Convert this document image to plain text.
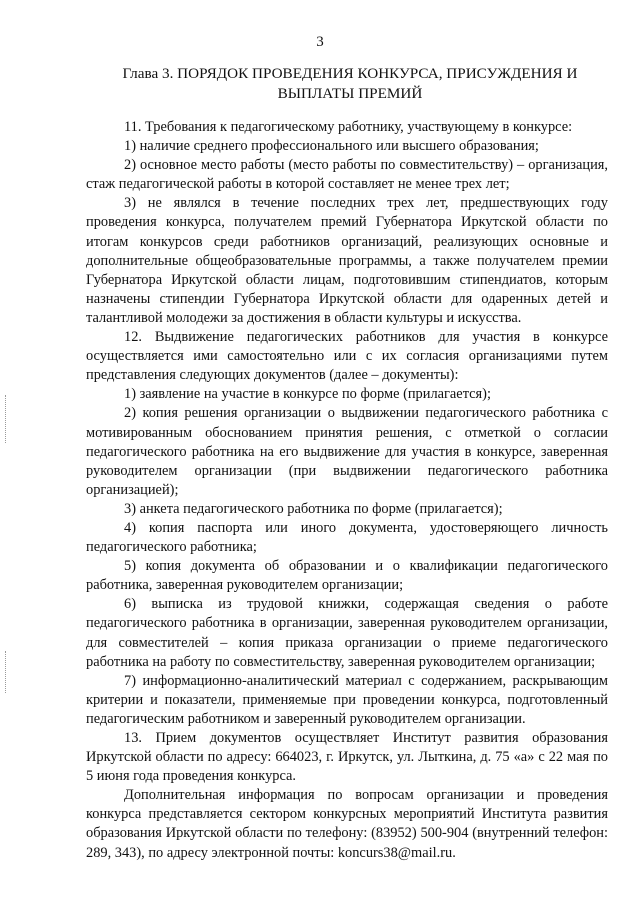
3
Глава 3. ПОРЯДОК ПРОВЕДЕНИЯ КОНКУРСА, ПРИСУЖДЕНИЯ И
ВЫПЛАТЫ ПРЕМИЙ

11. Требования к педагогическому работнику, участвующему в конкурсе:

1) наличие среднего профессионального или высшего образования;

2) основное место работы (место работы по совместительству) – организация, стаж педагогической работы в которой составляет не менее трех лет;

3) не являлся в течение последних трех лет, предшествующих году проведения конкурса, получателем премий Губернатора Иркутской области по итогам конкурсов среди работников организаций, реализующих основные и дополнительные общеобразовательные программы, а также получателем премии Губернатора Иркутской области лицам, подготовившим стипендиатов, которым назначены стипендии Губернатора Иркутской области для одаренных детей и талантливой молодежи за достижения в области культуры и искусства.

12. Выдвижение педагогических работников для участия в конкурсе осуществляется ими самостоятельно или с их согласия организациями путем представления следующих документов (далее – документы):

1) заявление на участие в конкурсе по форме (прилагается);

2) копия решения организации о выдвижении педагогического работника с мотивированным обоснованием принятия решения, с отметкой о согласии педагогического работника на его выдвижение для участия в конкурсе, заверенная руководителем организации (при выдвижении педагогического работника организацией);

3) анкета педагогического работника по форме (прилагается);

4) копия паспорта или иного документа, удостоверяющего личность педагогического работника;

5) копия документа об образовании и о квалификации педагогического работника, заверенная руководителем организации;

6) выписка из трудовой книжки, содержащая сведения о работе педагогического работника в организации, заверенная руководителем организации, для совместителей – копия приказа организации о приеме педагогического работника на работу по совместительству, заверенная руководителем организации;

7) информационно-аналитический материал с содержанием, раскрывающим критерии и показатели, применяемые при проведении конкурса, подготовленный педагогическим работником и заверенный руководителем организации.

13. Прием документов осуществляет Институт развития образования Иркутской области по адресу: 664023, г. Иркутск, ул. Лыткина, д. 75 «а» с 22 мая по 5 июня года проведения конкурса.

Дополнительная информация по вопросам организации и проведения конкурса представляется сектором конкурсных мероприятий Института развития образования Иркутской области по телефону: (83952) 500-904 (внутренний телефон: 289, 343), по адресу электронной почты: koncurs38@mail.ru.
